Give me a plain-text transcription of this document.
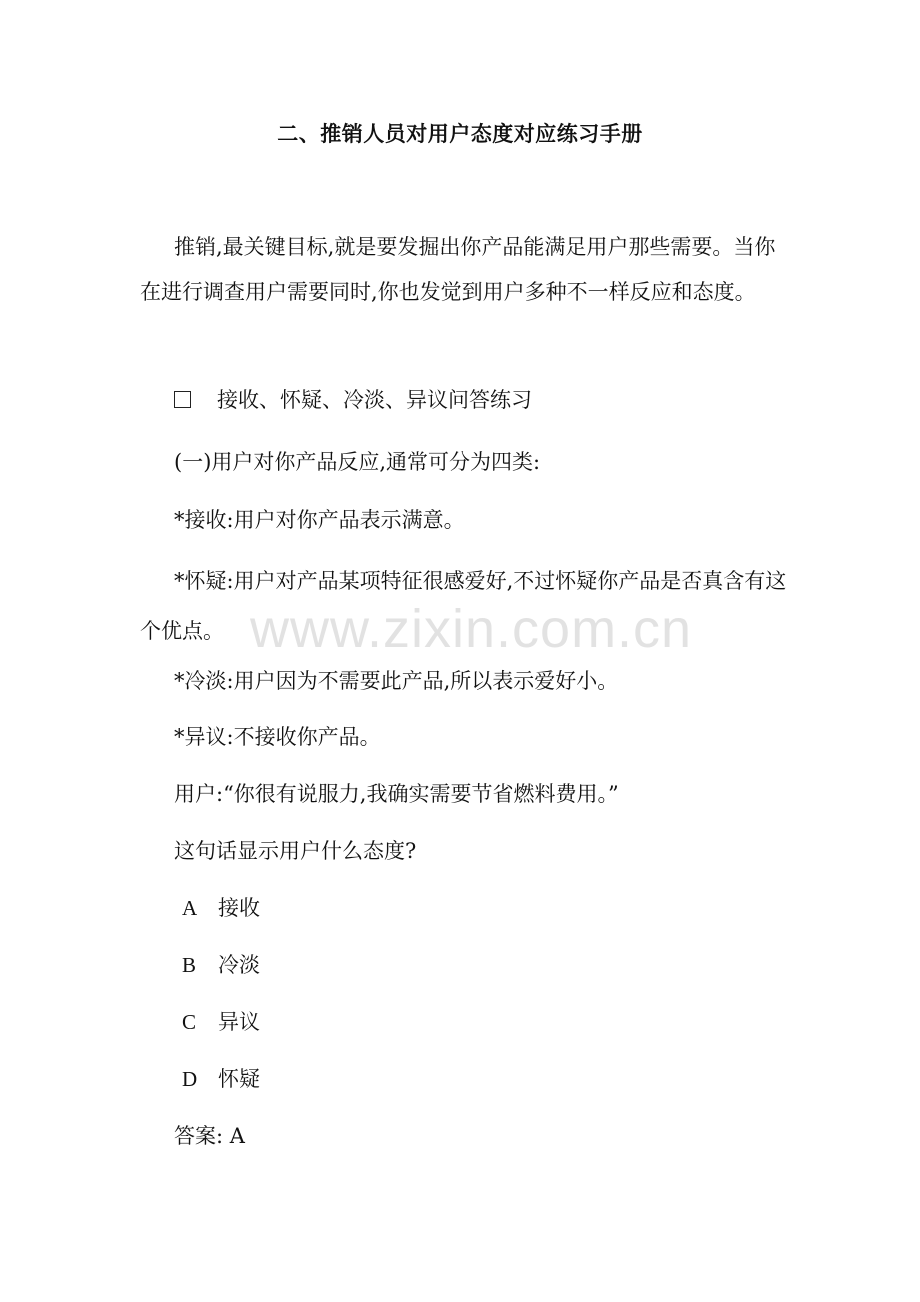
二、推销人员对用户态度对应练习手册
推销,最关键目标,就是要发掘出你产品能满足用户那些需要。当你在进行调查用户需要同时,你也发觉到用户多种不一样反应和态度。
接收、怀疑、冷淡、异议问答练习
(一)用户对你产品反应,通常可分为四类:
*接收:用户对你产品表示满意。
*怀疑:用户对产品某项特征很感爱好,不过怀疑你产品是否真含有这个优点。
*冷淡:用户因为不需要此产品,所以表示爱好小。
*异议:不接收你产品。
用户:“你很有说服力,我确实需要节省燃料费用。”
这句话显示用户什么态度?
A 接收
B 冷淡
C 异议
D 怀疑
答案: A
www.zixin.com.cn
